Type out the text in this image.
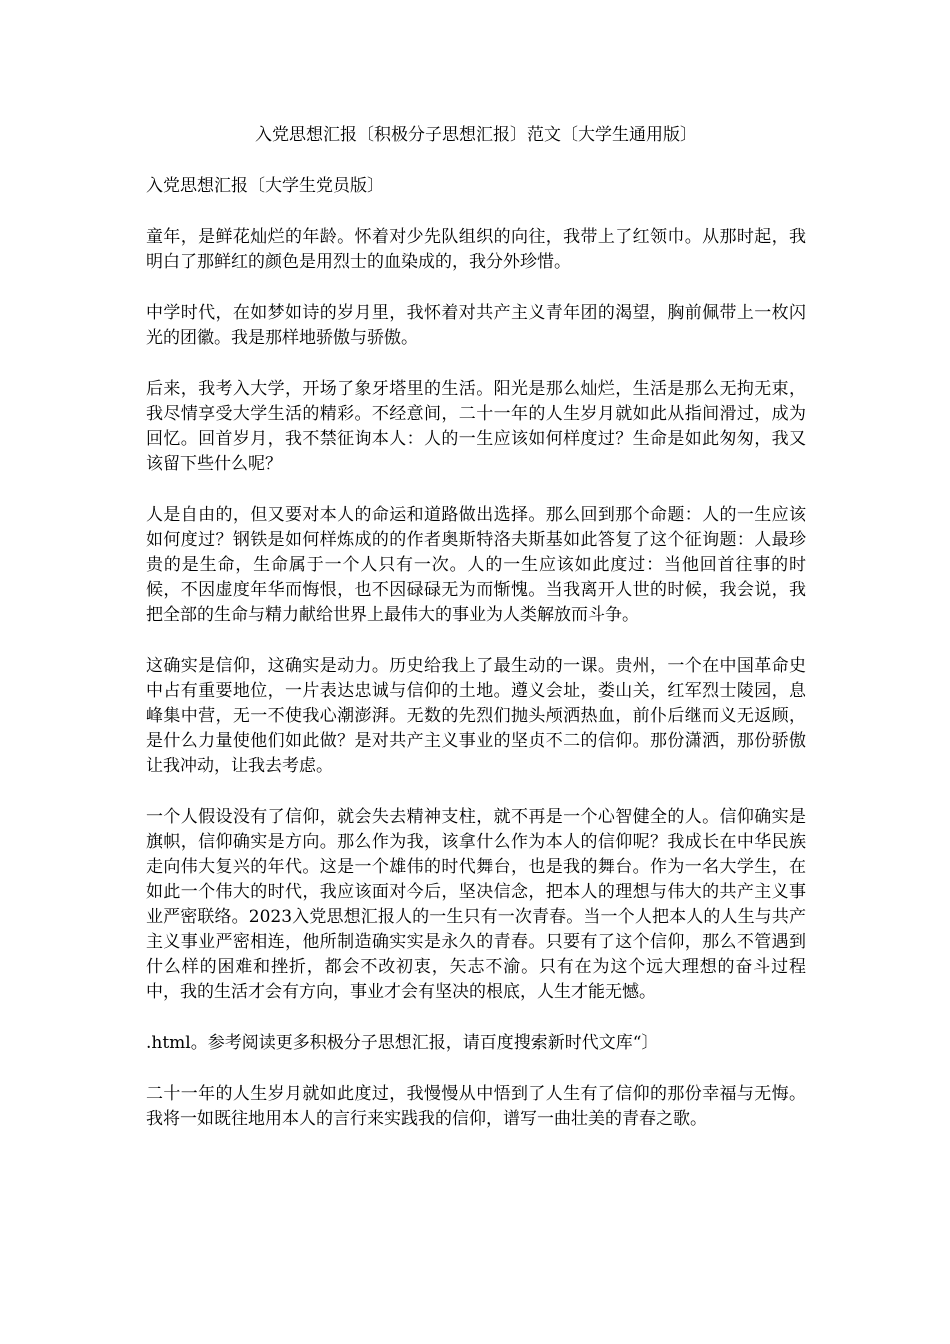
入党思想汇报〔积极分子思想汇报〕范文〔大学生通用版〕
入党思想汇报〔大学生党员版〕

童年，是鲜花灿烂的年龄。怀着对少先队组织的向往，我带上了红领巾。从那时起，我明白了那鲜红的颜色是用烈士的血染成的，我分外珍惜。

中学时代，在如梦如诗的岁月里，我怀着对共产主义青年团的渴望，胸前佩带上一枚闪光的团徽。我是那样地骄傲与骄傲。

后来，我考入大学，开场了象牙塔里的生活。阳光是那么灿烂，生活是那么无拘无束，我尽情享受大学生活的精彩。不经意间，二十一年的人生岁月就如此从指间滑过，成为回忆。回首岁月，我不禁征询本人：人的一生应该如何样度过？生命是如此匆匆，我又该留下些什么呢？

人是自由的，但又要对本人的命运和道路做出选择。那么回到那个命题：人的一生应该如何度过？钢铁是如何样炼成的的作者奥斯特洛夫斯基如此答复了这个征询题：人最珍贵的是生命，生命属于一个人只有一次。人的一生应该如此度过：当他回首往事的时候，不因虚度年华而悔恨，也不因碌碌无为而惭愧。当我离开人世的时候，我会说，我把全部的生命与精力献给世界上最伟大的事业为人类解放而斗争。

这确实是信仰，这确实是动力。历史给我上了最生动的一课。贵州，一个在中国革命史中占有重要地位，一片表达忠诚与信仰的土地。遵义会址，娄山关，红军烈士陵园，息峰集中营，无一不使我心潮澎湃。无数的先烈们抛头颅洒热血，前仆后继而义无返顾，是什么力量使他们如此做？是对共产主义事业的坚贞不二的信仰。那份潇洒，那份骄傲让我冲动，让我去考虑。

一个人假设没有了信仰，就会失去精神支柱，就不再是一个心智健全的人。信仰确实是旗帜，信仰确实是方向。那么作为我，该拿什么作为本人的信仰呢？我成长在中华民族走向伟大复兴的年代。这是一个雄伟的时代舞台，也是我的舞台。作为一名大学生，在如此一个伟大的时代，我应该面对今后，坚决信念，把本人的理想与伟大的共产主义事业严密联络。2023入党思想汇报人的一生只有一次青春。当一个人把本人的人生与共产主义事业严密相连，他所制造确实实是永久的青春。只要有了这个信仰，那么不管遇到什么样的困难和挫折，都会不改初衷，矢志不渝。只有在为这个远大理想的奋斗过程中，我的生活才会有方向，事业才会有坚决的根底，人生才能无憾。

.html。参考阅读更多积极分子思想汇报，请百度搜索新时代文库“〕

二十一年的人生岁月就如此度过，我慢慢从中悟到了人生有了信仰的那份幸福与无悔。我将一如既往地用本人的言行来实践我的信仰，谱写一曲壮美的青春之歌。
